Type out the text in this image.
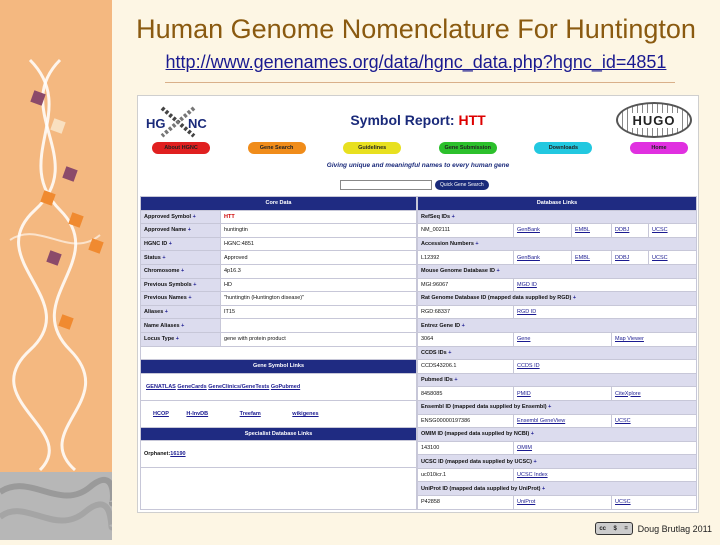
Human Genome Nomenclature For Huntington
http://www.genenames.org/data/hgnc_data.php?hgnc_id=4851
HG NC	Symbol Report: HTT	HUGO
About HGNC	Gene Search	Guidelines	Gene Submission	Downloads	Home
Giving unique and meaningful names to every human gene
Quick Gene Search
Core Data	
Approved Symbol +	HTT
Approved Name +	huntingtin
HGNC ID +	HGNC:4851
Status +	Approved
Chromosome +	4p16.3
Previous Symbols +	HD
Previous Names +	"huntingtin (Huntington disease)"
Aliases +	IT15
Name Aliases +	
Locus Type +	gene with protein product

Gene Symbol Links	
GENATLAS GeneCards GeneClinics/GeneTests GoPubmed	
HCOP H-InvDB Treefam wikigenes	
Specialist Database Links	
Orphanet:16190	

Database Links				
RefSeq IDs +				
NM_002111	GenBank	EMBL	DDBJ	UCSC
Accession Numbers +				
L12392	GenBank	EMBL	DDBJ	UCSC
Mouse Genome Database ID +				
MGI:96067	MGD ID			
Rat Genome Database ID (mapped data supplied by RGD) +				
RGD:68337	RGD ID			
Entrez Gene ID +				
3064	Gene		Map Viewer	
CCDS IDs +				
CCDS43206.1	CCDS ID			
Pubmed IDs +				
8458085	PMID		CiteXplore	
Ensembl ID (mapped data supplied by Ensembl) +				
ENSG00000197386	Ensembl GeneView		UCSC	
OMIM ID (mapped data supplied by NCBI) +				
143100	OMIM			
UCSC ID (mapped data supplied by UCSC) +				
uc010icr.1	UCSC Index			
UniProt ID (mapped data supplied by UniProt) +				
P42858	UniProt		UCSC	
cc $ = Doug Brutlag 2011
